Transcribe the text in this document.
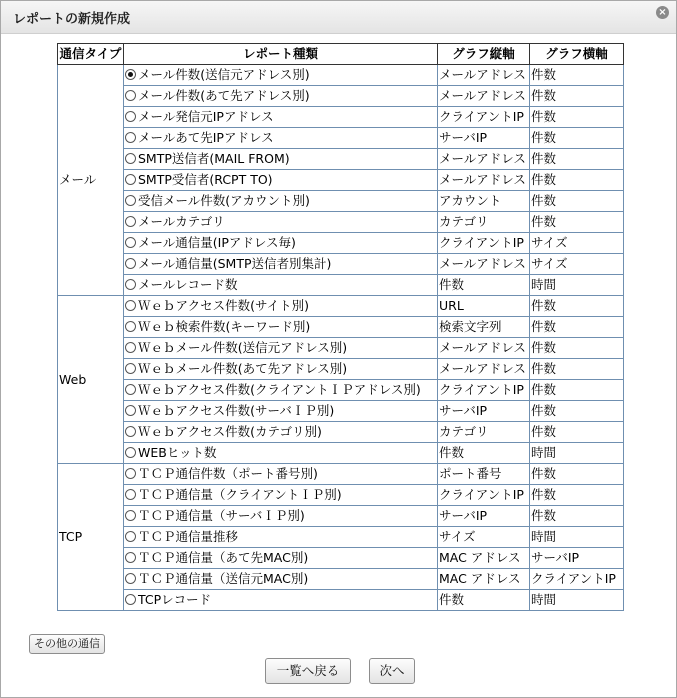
レポートの新規作成	×
通信タイプ	レポート種類	グラフ縦軸	グラフ横軸
メール	メール件数(送信元アドレス別)	メールアドレス	件数
	メール件数(あて先アドレス別)	メールアドレス	件数
	メール発信元IPアドレス	クライアントIP	件数
	メールあて先IPアドレス	サーバIP	件数
	SMTP送信者(MAIL FROM)	メールアドレス	件数
	SMTP受信者(RCPT TO)	メールアドレス	件数
	受信メール件数(アカウント別)	アカウント	件数
	メールカテゴリ	カテゴリ	件数
	メール通信量(IPアドレス毎)	クライアントIP	サイズ
	メール通信量(SMTP送信者別集計)	メールアドレス	サイズ
	メールレコード数	件数	時間
Web	Ｗｅｂアクセス件数(サイト別)	URL	件数
	Ｗｅｂ検索件数(キーワード別)	検索文字列	件数
	Ｗｅｂメール件数(送信元アドレス別)	メールアドレス	件数
	Ｗｅｂメール件数(あて先アドレス別)	メールアドレス	件数
	Ｗｅｂアクセス件数(クライアントＩＰアドレス別)	クライアントIP	件数
	Ｗｅｂアクセス件数(サーバＩＰ別)	サーバIP	件数
	Ｗｅｂアクセス件数(カテゴリ別)	カテゴリ	件数
	WEBヒット数	件数	時間
TCP	ＴＣＰ通信件数（ポート番号別)	ポート番号	件数
	ＴＣＰ通信量（クライアントＩＰ別)	クライアントIP	件数
	ＴＣＰ通信量（サーバＩＰ別)	サーバIP	件数
	ＴＣＰ通信量推移	サイズ	時間
	ＴＣＰ通信量（あて先MAC別)	MAC アドレス	サーバIP
	ＴＣＰ通信量（送信元MAC別)	MAC アドレス	クライアントIP
	TCPレコード	件数	時間
その他の通信
一覧へ戻る	次へ
